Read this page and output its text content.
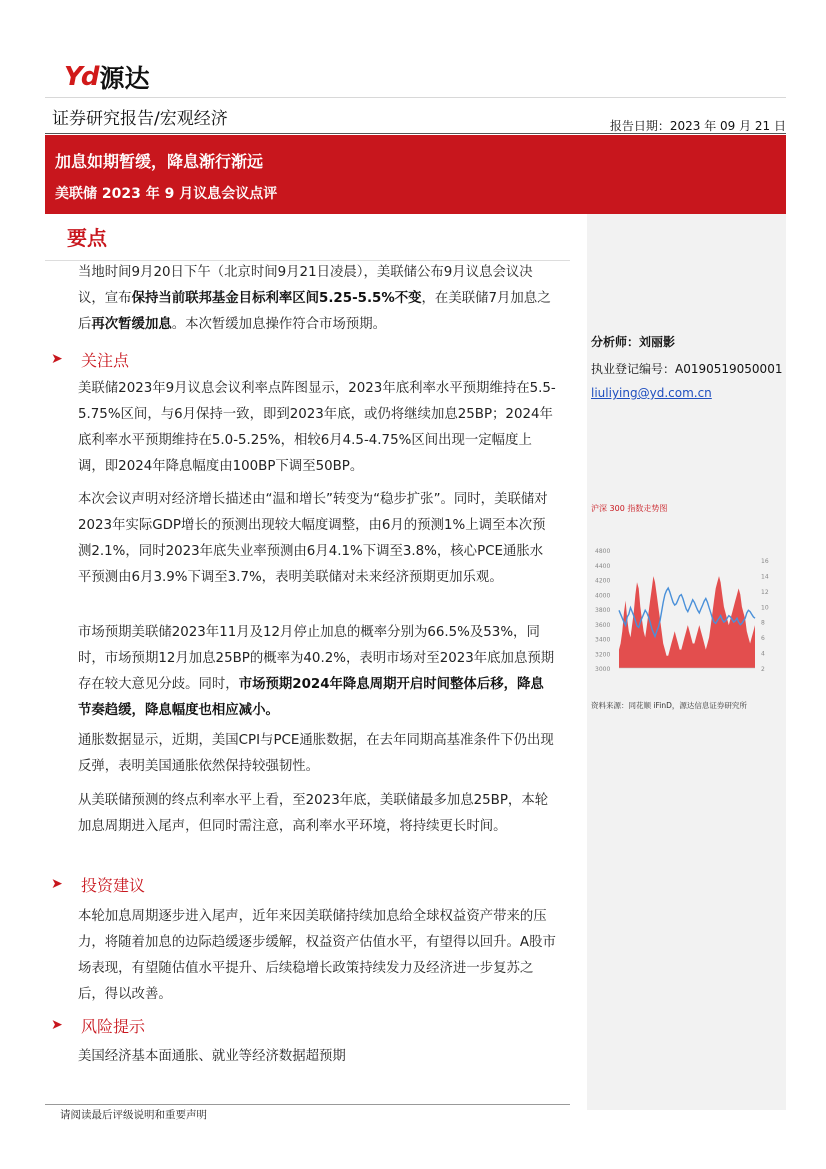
Yd 源达
证券研究报告/宏观经济	报告日期：2023 年 09 月 21 日
加息如期暂缓，降息渐行渐远
美联储 2023 年 9 月议息会议点评
要点
当地时间9月20日下午（北京时间9月21日凌晨），美联储公布9月议息会议决议，宣布保持当前联邦基金目标利率区间5.25-5.5%不变，在美联储7月加息之后再次暂缓加息。本次暂缓加息操作符合市场预期。
➤	关注点
美联储2023年9月议息会议利率点阵图显示，2023年底利率水平预期维持在5.5-5.75%区间，与6月保持一致，即到2023年底，或仍将继续加息25BP；2024年底利率水平预期维持在5.0-5.25%，相较6月4.5-4.75%区间出现一定幅度上调，即2024年降息幅度由100BP下调至50BP。
本次会议声明对经济增长描述由“温和增长”转变为“稳步扩张”。同时，美联储对2023年实际GDP增长的预测出现较大幅度调整，由6月的预测1%上调至本次预测2.1%，同时2023年底失业率预测由6月4.1%下调至3.8%，核心PCE通胀水平预测由6月3.9%下调至3.7%，表明美联储对未来经济预期更加乐观。
市场预期美联储2023年11月及12月停止加息的概率分别为66.5%及53%，同时，市场预期12月加息25BP的概率为40.2%，表明市场对至2023年底加息预期存在较大意见分歧。同时，市场预期2024年降息周期开启时间整体后移，降息节奏趋缓，降息幅度也相应减小。
通胀数据显示，近期，美国CPI与PCE通胀数据，在去年同期高基准条件下仍出现反弹，表明美国通胀依然保持较强韧性。
从美联储预测的终点利率水平上看，至2023年底，美联储最多加息25BP，本轮加息周期进入尾声，但同时需注意，高利率水平环境，将持续更长时间。
➤	投资建议
本轮加息周期逐步进入尾声，近年来因美联储持续加息给全球权益资产带来的压力，将随着加息的边际趋缓逐步缓解，权益资产估值水平，有望得以回升。A股市场表现，有望随估值水平提升、后续稳增长政策持续发力及经济进一步复苏之后，得以改善。
➤	风险提示
美国经济基本面通胀、就业等经济数据超预期
分析师：刘丽影
执业登记编号：A0190519050001
liuliying@yd.com.cn
沪深 300 指数走势图
4800
4400
4200
4000
3800
3600
3400
3200
3000
16
14
12
10
8
6
4
2
资料来源：同花顺 iFinD，源达信息证券研究所
请阅读最后评级说明和重要声明
